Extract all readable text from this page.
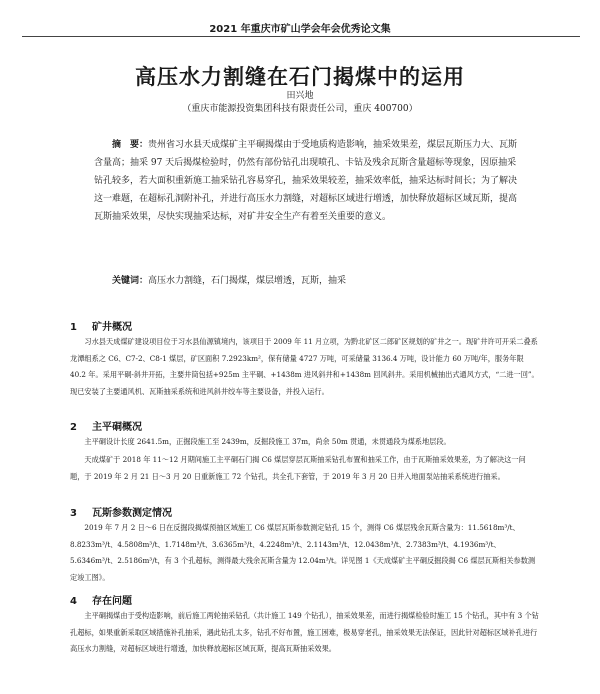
2021 年重庆市矿山学会年会优秀论文集
高压水力割缝在石门揭煤中的运用
田兴地
（重庆市能源投资集团科技有限责任公司，重庆 400700）

摘　要：贵州省习水县天成煤矿主平硐揭煤由于受地质构造影响，抽采效果差，煤层瓦斯压力大、瓦斯含量高；抽采 97 天后揭煤检验时，仍然有部份钻孔出现喷孔、卡钻及残余瓦斯含量超标等现象，因原抽采钻孔较多，若大面积重新施工抽采钻孔容易穿孔，抽采效果较差，抽采效率低，抽采达标时间长；为了解决这一难题，在超标孔洞附补孔，并进行高压水力割缝，对超标区域进行增透，加快释放超标区域瓦斯，提高瓦斯抽采效果，尽快实现抽采达标，对矿井安全生产有着至关重要的意义。

关键词：高压水力割缝，石门揭煤，煤层增透，瓦斯，抽采

1 矿井概况

习水县天成煤矿建设项目位于习水县仙源镇境内，该项目于 2009 年 11 月立项，为黔北矿区二郎矿区规划的矿井之一。现矿井许可开采二叠系龙潭组系之 C6、C7-2、C8-1 煤层，矿区面积 7.2923km²，保有储量 4727 万吨，可采储量 3136.4 万吨，设计能力 60 万吨/年，服务年限 40.2 年。采用平硐-斜井开拓，主要井筒包括+925m 主平硐、+1438m 进风斜井和+1438m 回风斜井。采用机械抽出式通风方式，“二进一回”。现已安装了主要通风机、瓦斯抽采系统和进风斜井绞车等主要设备，并投入运行。

2 主平硐概况

主平硐设计长度 2641.5m，正掘段施工至 2439m，反掘段施工 37m，尚余 50m 贯通，未贯通段为煤系地层段。

天成煤矿于 2018 年 11～12 月期间施工主平硐石门揭 C6 煤层穿层瓦斯抽采钻孔布置和抽采工作，由于瓦斯抽采效果差，为了解决这一问题，于 2019 年 2 月 21 日～3 月 20 日重新施工 72 个钻孔，共全孔下套管，于 2019 年 3 月 20 日并入地面泵站抽采系统进行抽采。

3 瓦斯参数测定情况

2019 年 7 月 2 日～6 日在反掘段揭煤预抽区域施工 C6 煤层瓦斯参数测定钻孔 15 个，测得 C6 煤层残余瓦斯含量为：11.5618m³/t、8.8233m³/t、4.5808m³/t、1.7148m³/t、3.6365m³/t、4.2248m³/t、2.1143m³/t、12.0438m³/t、2.7383m³/t、4.1936m³/t、5.6346m³/t、2.5186m³/t，有 3 个孔超标，测得最大残余瓦斯含量为 12.04m³/t。详见图 1《天成煤矿主平硐反掘段揭 C6 煤层瓦斯相关参数测定竣工图》。

4 存在问题

主平硐揭煤由于受构造影响，前后施工两轮抽采钻孔（共计施工 149 个钻孔），抽采效果差，而进行揭煤检验时施工 15 个钻孔，其中有 3 个钻孔超标，如果重新采取区域措施补孔抽采，遇此钻孔太多，钻孔不好布置，施工困难，极易穿老孔，抽采效果无法保证，因此针对超标区域补孔进行高压水力割缝，对超标区域进行增透，加快释放超标区域瓦斯，提高瓦斯抽采效果。
